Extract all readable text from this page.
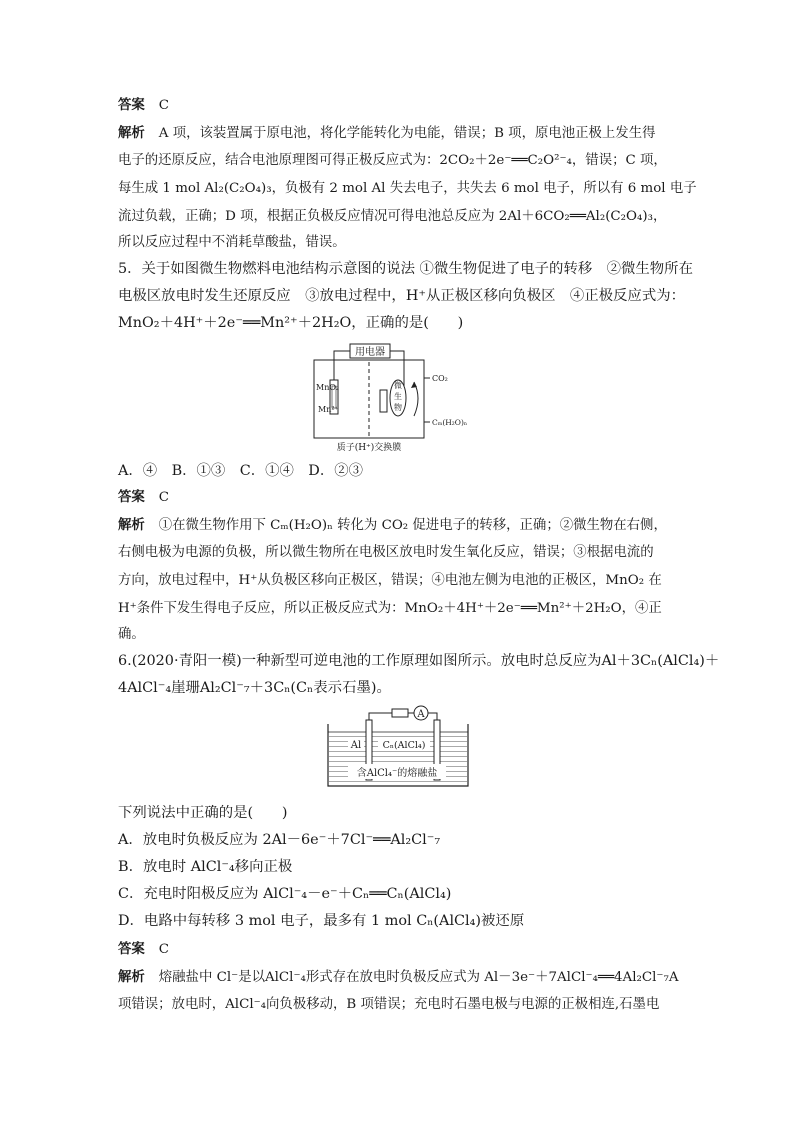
答案 C
解析 A 项，该装置属于原电池，将化学能转化为电能，错误；B 项，原电池正极上发生得
电子的还原反应，结合电池原理图可得正极反应式为：2CO₂＋2e⁻══C₂O²⁻₄，错误；C 项，
每生成 1 mol Al₂(C₂O₄)₃，负极有 2 mol Al 失去电子，共失去 6 mol 电子，所以有 6 mol 电子
流过负载，正确；D 项，根据正负极反应情况可得电池总反应为 2Al＋6CO₂══Al₂(C₂O₄)₃，
所以反应过程中不消耗草酸盐，错误。
5．关于如图微生物燃料电池结构示意图的说法 ①微生物促进了电子的转移　②微生物所在
电极区放电时发生还原反应　③放电过程中，H⁺从正极区移向负极区　④正极反应式为：
MnO₂＋4H⁺＋2e⁻══Mn²⁺＋2H₂O，正确的是(　　)
用电器
MnO₂
Mn²⁺
微
生
物
CO₂
Cₘ(H₂O)ₙ
质子(H⁺)交换膜
A．④　B．①③　C．①④　D．②③
答案 C
解析 ①在微生物作用下 Cₘ(H₂O)ₙ 转化为 CO₂ 促进电子的转移，正确；②微生物在右侧，
右侧电极为电源的负极，所以微生物所在电极区放电时发生氧化反应，错误；③根据电流的
方向，放电过程中，H⁺从负极区移向正极区，错误；④电池左侧为电池的正极区，MnO₂ 在
H⁺条件下发生得电子反应，所以正极反应式为：MnO₂＋4H⁺＋2e⁻══Mn²⁺＋2H₂O，④正
确。
6.(2020·青阳一模)一种新型可逆电池的工作原理如图所示。放电时总反应为Al＋3Cₙ(AlCl₄)＋
4AlCl⁻₄崖珊Al₂Cl⁻₇＋3Cₙ(Cₙ表示石墨)。
A
Al Cₙ(AlCl₄)
含AlCl₄⁻的熔融盐
下列说法中正确的是(　　)
A．放电时负极反应为 2Al－6e⁻＋7Cl⁻══Al₂Cl⁻₇
B．放电时 AlCl⁻₄移向正极
C．充电时阳极反应为 AlCl⁻₄－e⁻＋Cₙ══Cₙ(AlCl₄)
D．电路中每转移 3 mol 电子，最多有 1 mol Cₙ(AlCl₄)被还原
答案 C
解析 熔融盐中 Cl⁻是以AlCl⁻₄形式存在放电时负极反应式为 Al－3e⁻＋7AlCl⁻₄══4Al₂Cl⁻₇A
项错误；放电时，AlCl⁻₄向负极移动，B 项错误；充电时石墨电极与电源的正极相连,石墨电
